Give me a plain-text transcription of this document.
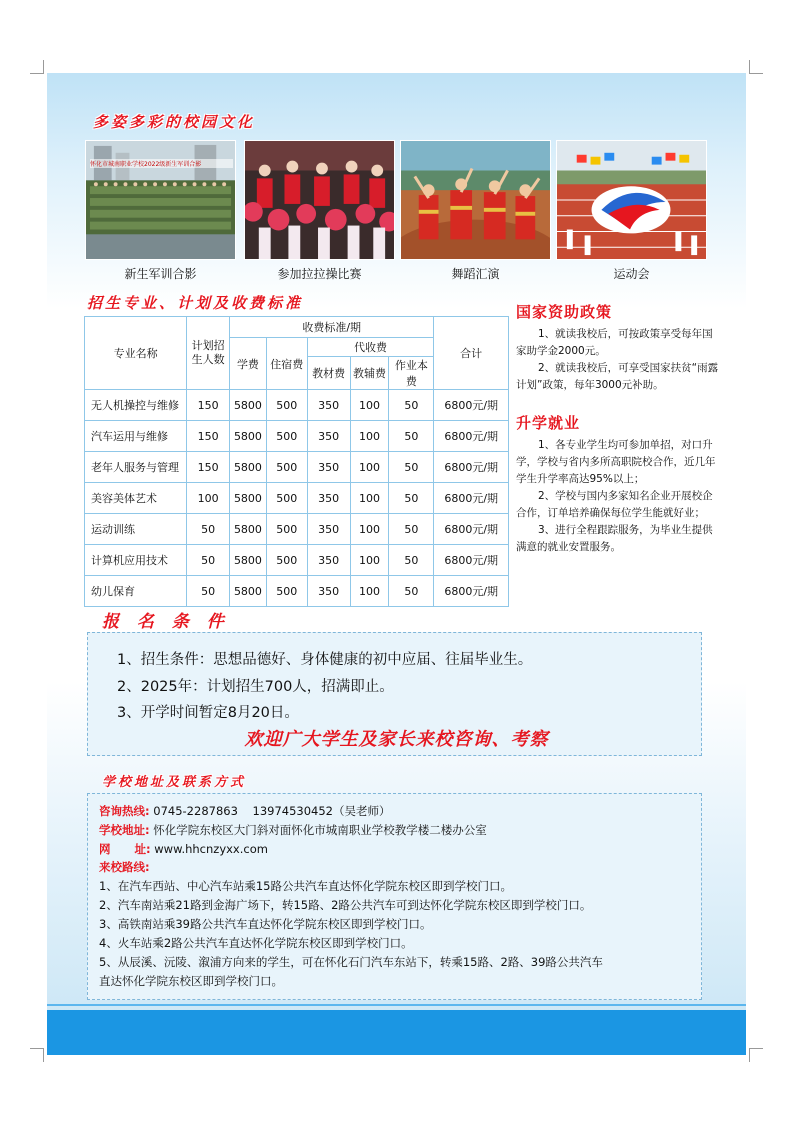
多姿多彩的校园文化
怀化市城南职业学校2022级新生军训合影
新生军训合影	参加拉拉操比赛	舞蹈汇演	运动会
招生专业、计划及收费标准
专业名称	计划招生人数	收费标准/期					合计
		学费	住宿费	代收费			
				教材费	教辅费	作业本费	
无人机操控与维修	150	5800	500	350	100	50	6800元/期
汽车运用与维修	150	5800	500	350	100	50	6800元/期
老年人服务与管理	150	5800	500	350	100	50	6800元/期
美容美体艺术	100	5800	500	350	100	50	6800元/期
运动训练	50	5800	500	350	100	50	6800元/期
计算机应用技术	50	5800	500	350	100	50	6800元/期
幼儿保育	50	5800	500	350	100	50	6800元/期
国家资助政策

1、就读我校后，可按政策享受每年国家助学金2000元。

2、就读我校后，可享受国家扶贫“雨露计划”政策，每年3000元补助。

升学就业

1、各专业学生均可参加单招，对口升学，学校与省内多所高职院校合作，近几年学生升学率高达95%以上；

2、学校与国内多家知名企业开展校企合作，订单培养确保每位学生能就好业；

3、进行全程跟踪服务，为毕业生提供满意的就业安置服务。

报 名 条 件
1、招生条件：思想品德好、身体健康的初中应届、往届毕业生。
2、2025年：计划招生700人，招满即止。
3、开学时间暂定8月20日。
欢迎广大学生及家长来校咨询、考察
学校地址及联系方式
咨询热线: 0745-2287863    13974530452（吴老师）
学校地址: 怀化学院东校区大门斜对面怀化市城南职业学校教学楼二楼办公室
网      址: www.hhcnzyxx.com
来校路线:
1、在汽车西站、中心汽车站乘15路公共汽车直达怀化学院东校区即到学校门口。
2、汽车南站乘21路到金海广场下，转15路、2路公共汽车可到达怀化学院东校区即到学校门口。
3、高铁南站乘39路公共汽车直达怀化学院东校区即到学校门口。
4、火车站乘2路公共汽车直达怀化学院东校区即到学校门口。
5、从辰溪、沅陵、溆浦方向来的学生，可在怀化石门汽车东站下，转乘15路、2路、39路公共汽车
直达怀化学院东校区即到学校门口。
